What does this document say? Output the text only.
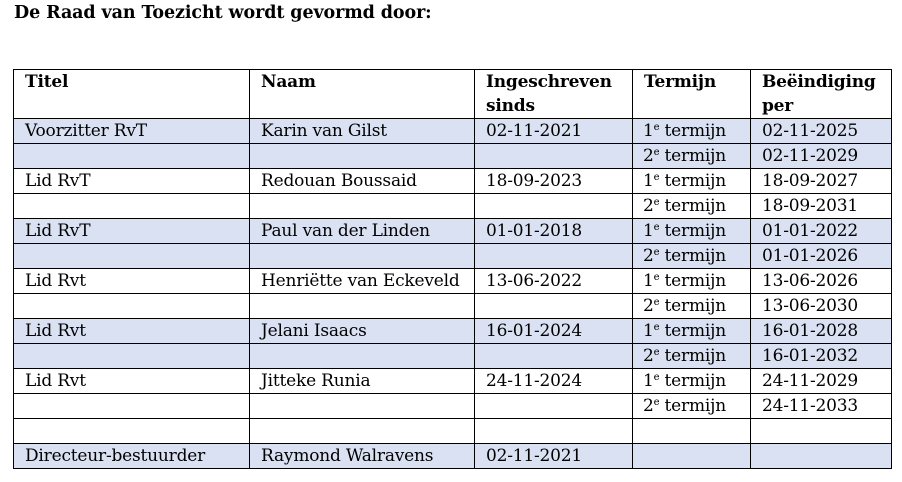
De Raad van Toezicht wordt gevormd door:
Titel	Naam	Ingeschreven sinds	Termijn	Beëindiging per
Voorzitter RvT	Karin van Gilst	02-11-2021	1e termijn	02-11-2025
			2e termijn	02-11-2029
Lid RvT	Redouan Boussaid	18-09-2023	1e termijn	18-09-2027
			2e termijn	18-09-2031
Lid RvT	Paul van der Linden	01-01-2018	1e termijn	01-01-2022
			2e termijn	01-01-2026
Lid Rvt	Henriëtte van Eckeveld	13-06-2022	1e termijn	13-06-2026
			2e termijn	13-06-2030
Lid Rvt	Jelani Isaacs	16-01-2024	1e termijn	16-01-2028
			2e termijn	16-01-2032
Lid Rvt	Jitteke Runia	24-11-2024	1e termijn	24-11-2029
			2e termijn	24-11-2033

Directeur-bestuurder	Raymond Walravens	02-11-2021		
